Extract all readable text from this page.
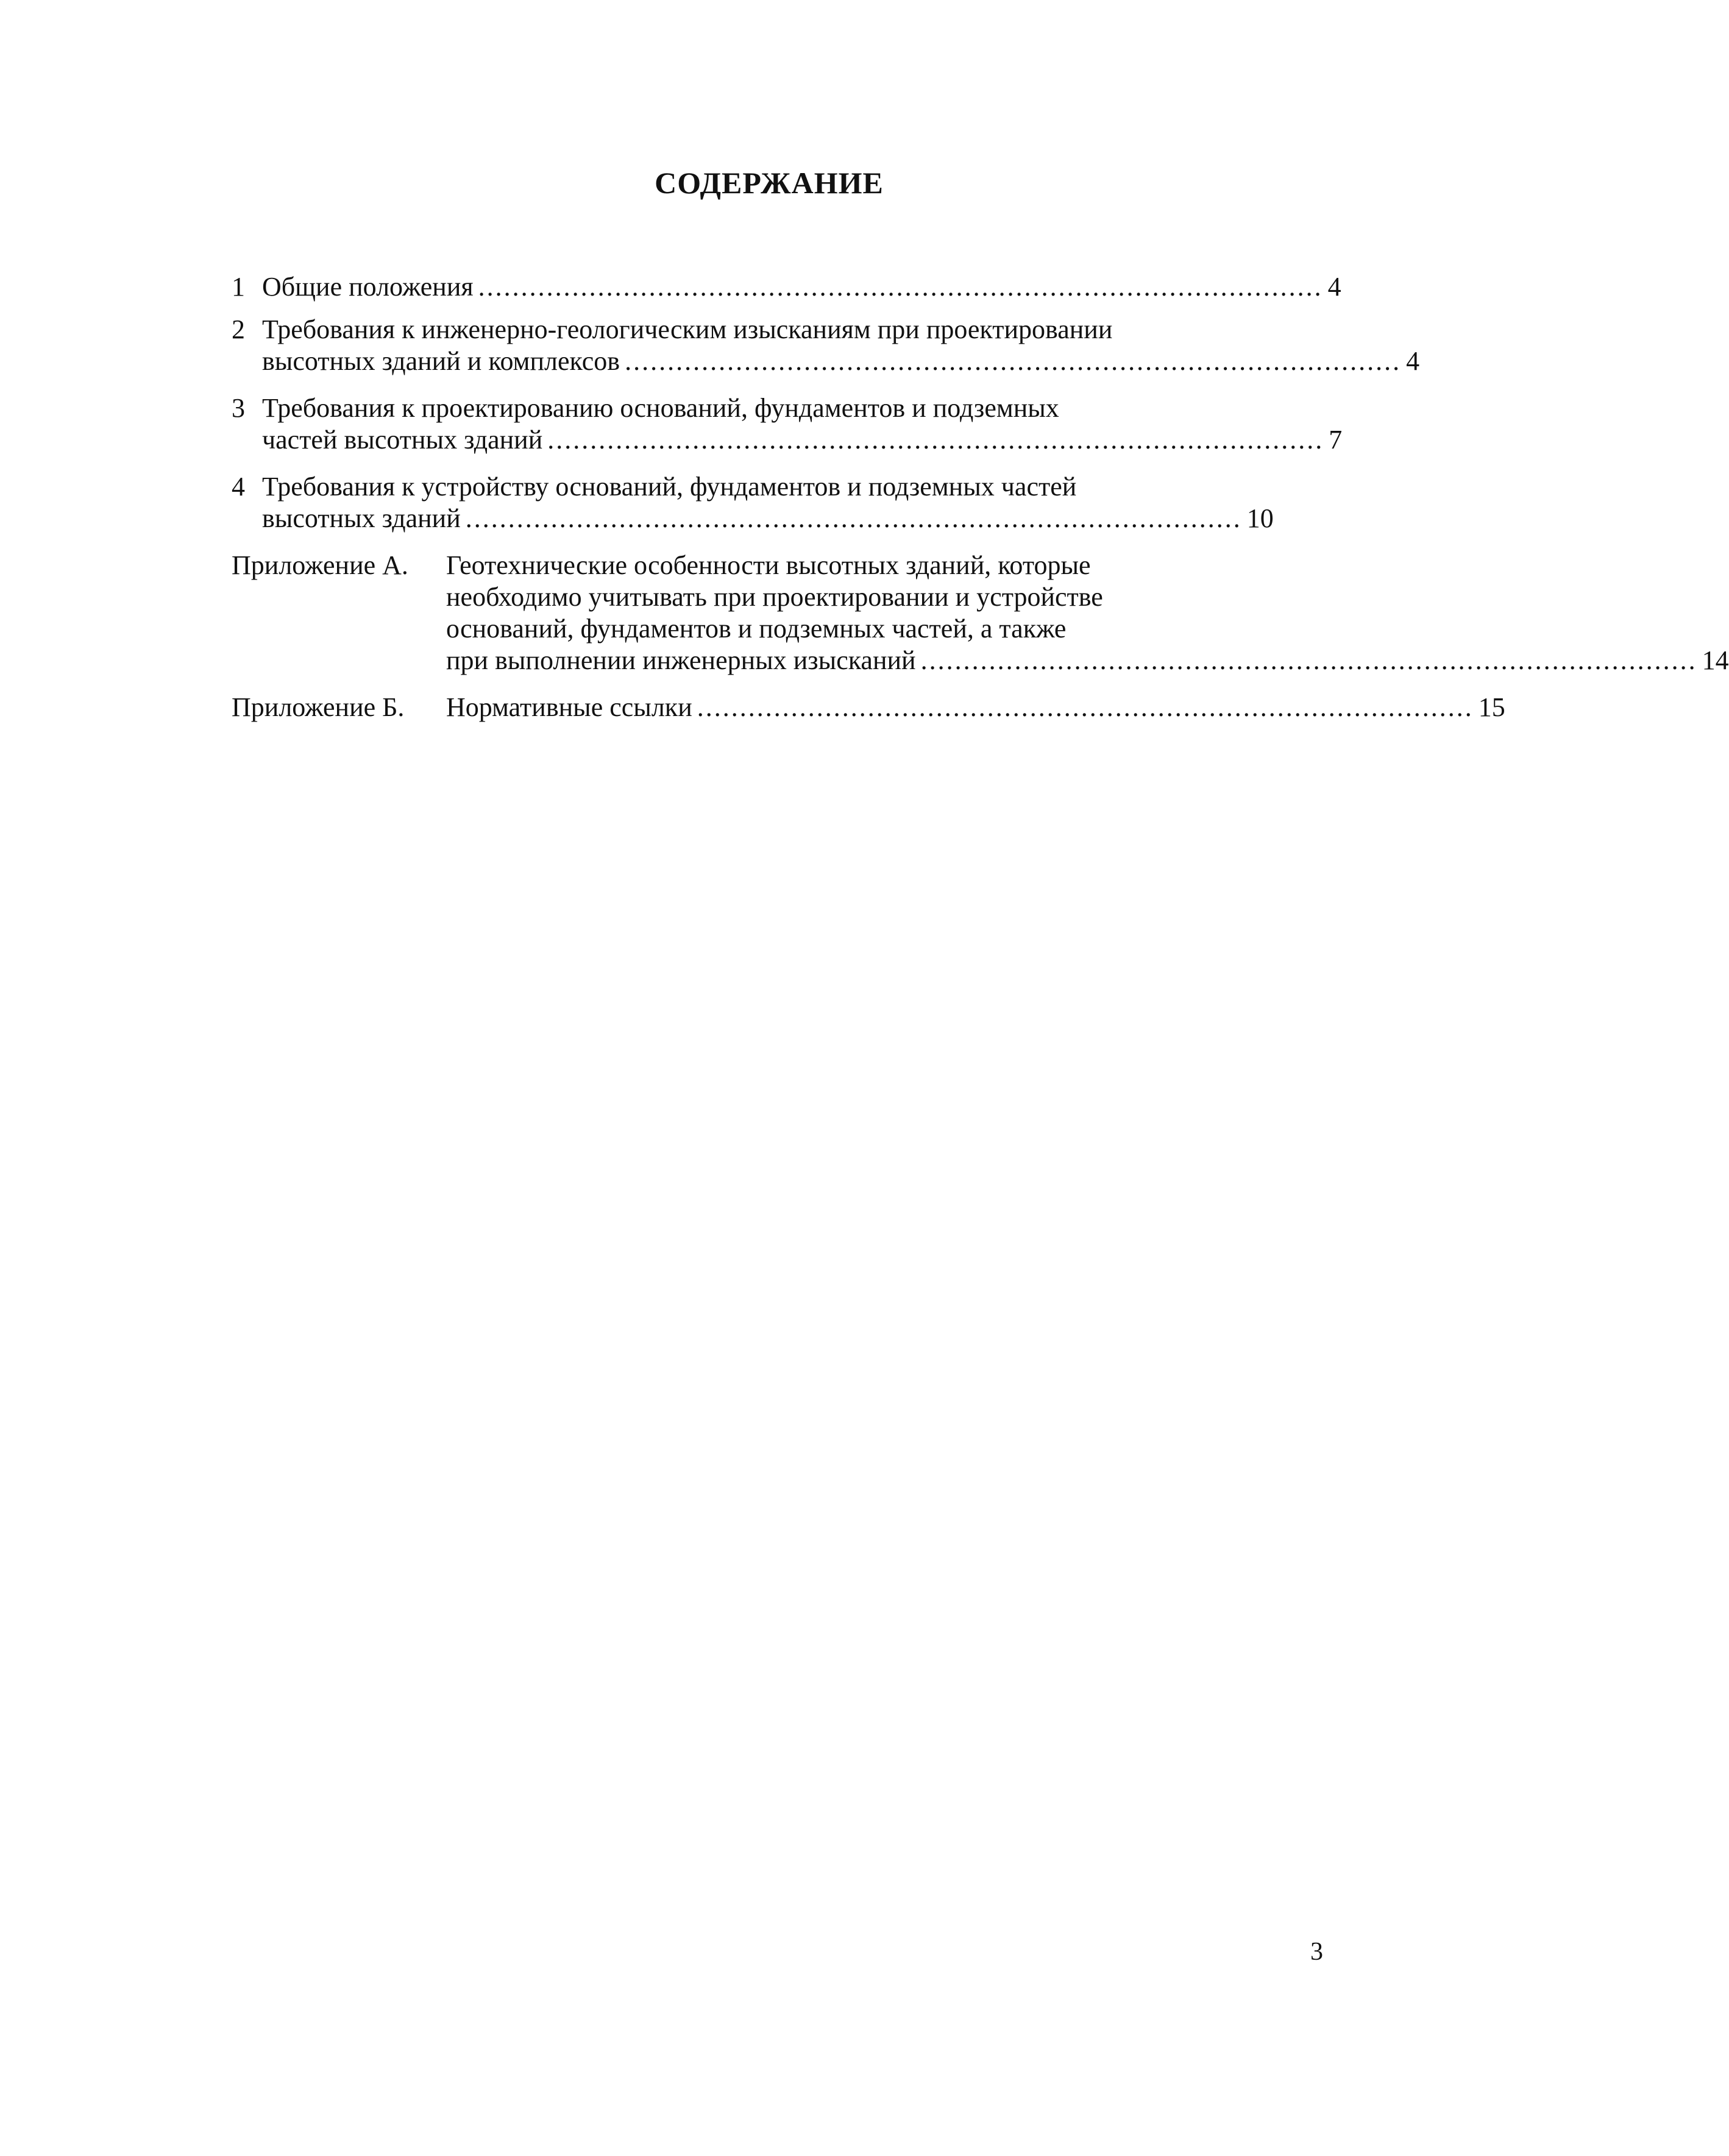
СОДЕРЖАНИЕ
1 Общие положения ................................................................................................... 4
2 Требования к инженерно-геологическим изысканиям при проектировании
высотных зданий и комплексов ........................................................................................... 4
3 Требования к проектированию оснований, фундаментов и подземных
частей высотных зданий ........................................................................................... 7
4 Требования к устройству оснований, фундаментов и подземных частей
высотных зданий ........................................................................................... 10
Приложение А.	Геотехнические особенности высотных зданий, которые
необходимо учитывать при проектировании и устройстве
оснований, фундаментов и подземных частей, а также
при выполнении инженерных изысканий ........................................................................................... 14
Приложение Б.	Нормативные ссылки ........................................................................................... 15
3
